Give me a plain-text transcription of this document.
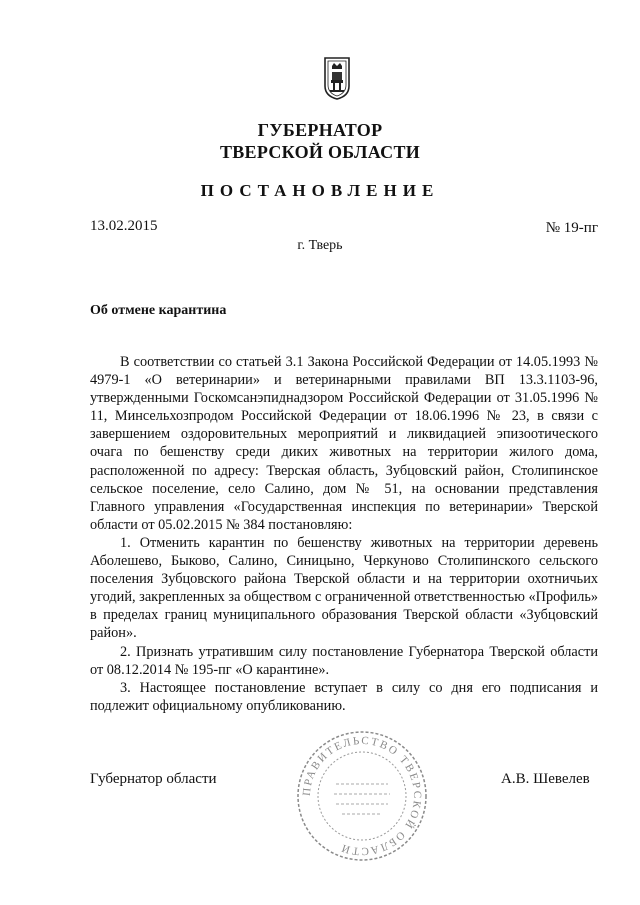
ГУБЕРНАТОР
ТВЕРСКОЙ ОБЛАСТИ
ПОСТАНОВЛЕНИЕ
13.02.2015	№ 19-пг
г. Тверь
Об отмене карантина

В соответствии со статьей 3.1 Закона Российской Федерации от 14.05.1993 № 4979-1 «О ветеринарии» и ветеринарными правилами ВП 13.3.1103-96, утвержденными Госкомсанэпиднадзором Российской Федерации от 31.05.1996 № 11, Минсельхозпродом Российской Федерации от 18.06.1996 № 23, в связи с завершением оздоровительных мероприятий и ликвидацией эпизоотического очага по бешенству среди диких животных на территории жилого дома, расположенной по адресу: Тверская область, Зубцовский район, Столипинское сельское поселение, село Салино, дом № 51, на основании представления Главного управления «Государственная инспекция по ветеринарии» Тверской области от 05.02.2015 № 384 постановляю:

1. Отменить карантин по бешенству животных на территории деревень Аболешево, Быково, Салино, Синицыно, Черкуново Столипинского сельского поселения Зубцовского района Тверской области и на территории охотничьих угодий, закрепленных за обществом с ограниченной ответственностью «Профиль» в пределах границ муниципального образования Тверской области «Зубцовский район».

2. Признать утратившим силу постановление Губернатора Тверской области от 08.12.2014 № 195-пг «О карантине».

3. Настоящее постановление вступает в силу со дня его подписания и подлежит официальному опубликованию.

Губернатор области
ПРАВИТЕЛЬСТВО ТВЕРСКОЙ ОБЛАСТИ
А.В. Шевелев
